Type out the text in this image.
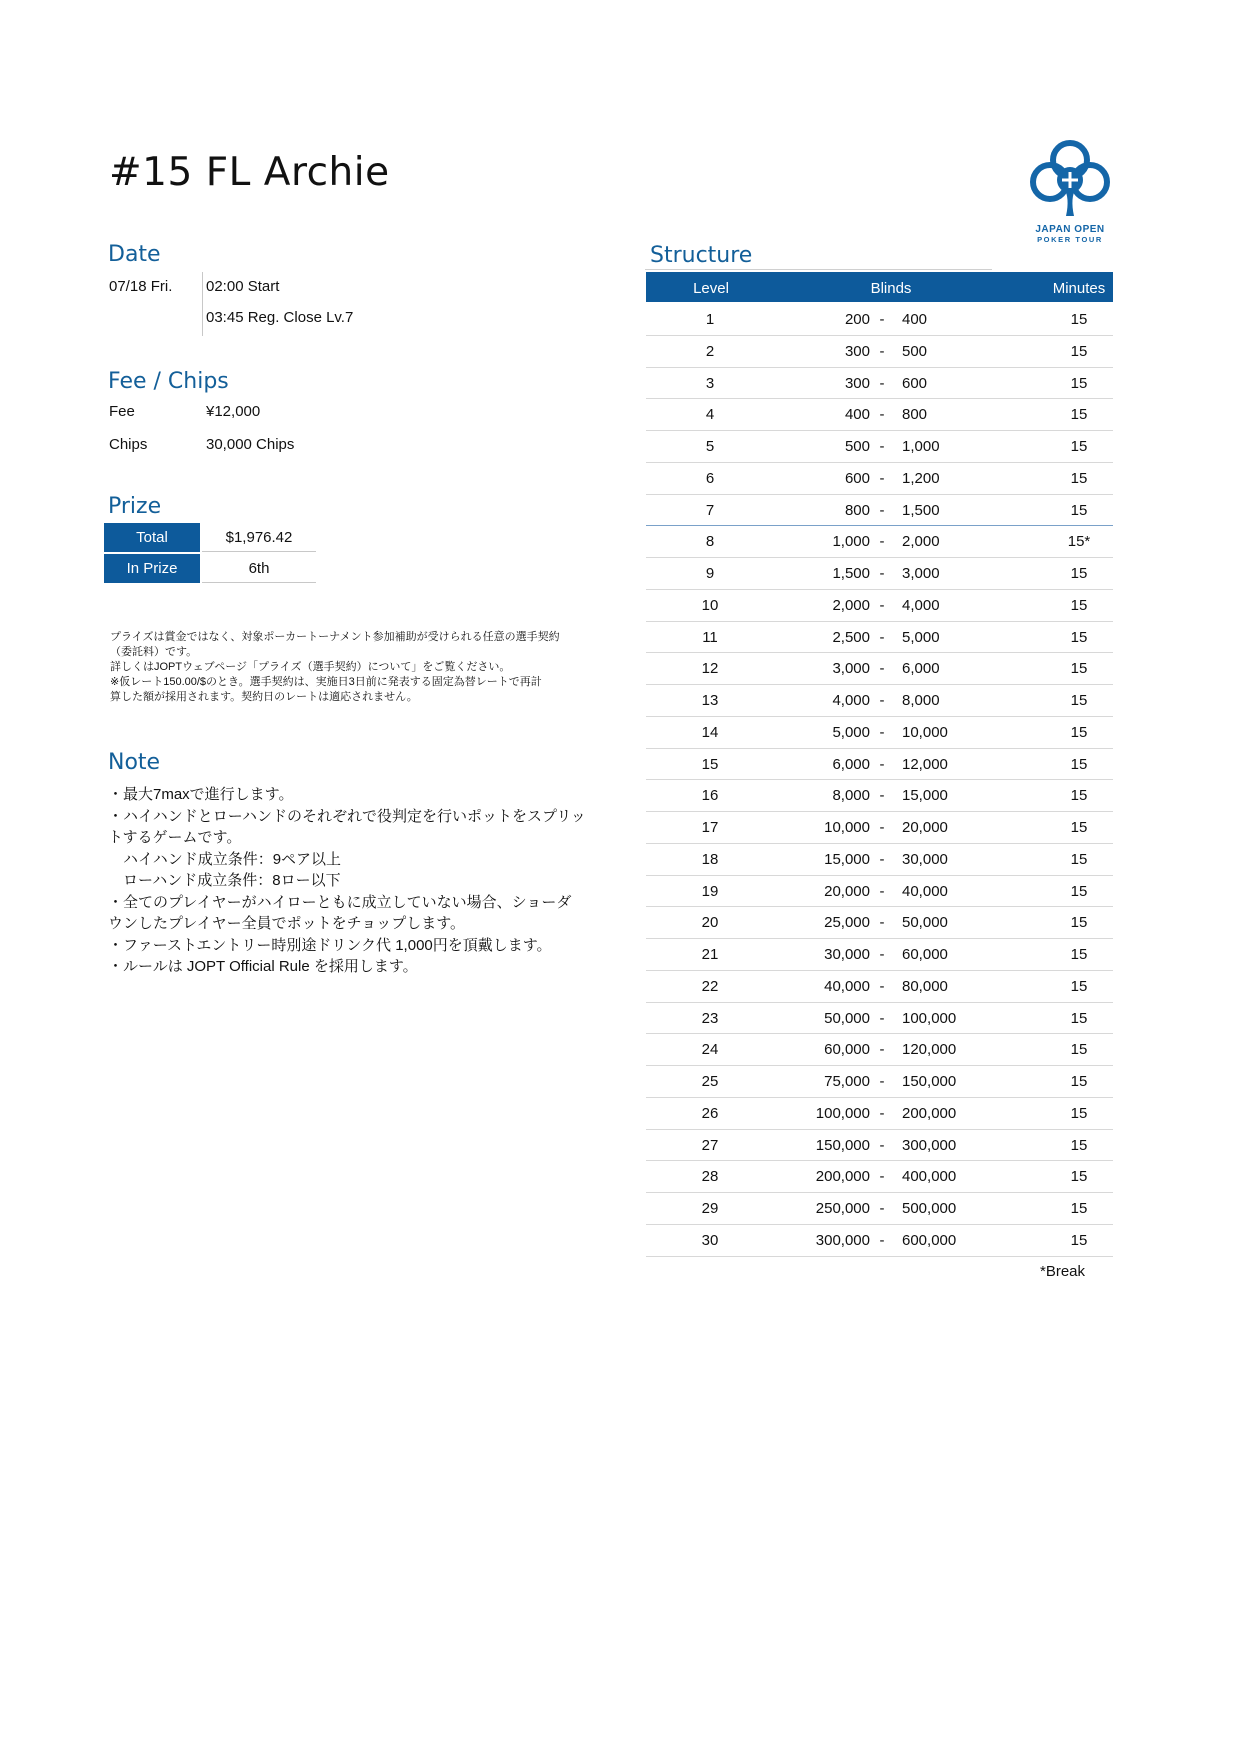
#15 FL Archie
JAPAN OPEN
POKER TOUR
Date
07/18 Fri. 02:00 Start
03:45 Reg. Close Lv.7
Fee / Chips
Fee	¥12,000
Chips	30,000 Chips
Prize
Total	$1,976.42
In Prize	6th
プライズは賞金ではなく、対象ポーカートーナメント参加補助が受けられる任意の選手契約
（委託料）です。
詳しくはJOPTウェブページ「プライズ（選手契約）について」をご覧ください。
※仮レート150.00/$のとき。選手契約は、実施日3日前に発表する固定為替レートで再計
算した額が採用されます。契約日のレートは適応されません。
Note
・最大7maxで進行します。
・ハイハンドとローハンドのそれぞれで役判定を行いポットをスプリッ
トするゲームです。
　ハイハンド成立条件：9ペア以上
　ローハンド成立条件：8ロー以下
・全てのプレイヤーがハイローともに成立していない場合、ショーダ
ウンしたプレイヤー全員でポットをチョップします。
・ファーストエントリー時別途ドリンク代 1,000円を頂戴します。
・ルールは JOPT Official Rule を採用します。
Structure
Level	Blinds	Minutes
1	200 -	400	15
2	300 -	500	15
3	300 -	600	15
4	400 -	800	15
5	500 -	1,000	15
6	600 -	1,200	15
7	800 -	1,500	15
8	1,000 -	2,000	15*
9	1,500 -	3,000	15
10	2,000 -	4,000	15
11	2,500 -	5,000	15
12	3,000 -	6,000	15
13	4,000 -	8,000	15
14	5,000 -	10,000	15
15	6,000 -	12,000	15
16	8,000 -	15,000	15
17	10,000 -	20,000	15
18	15,000 -	30,000	15
19	20,000 -	40,000	15
20	25,000 -	50,000	15
21	30,000 -	60,000	15
22	40,000 -	80,000	15
23	50,000 -	100,000	15
24	60,000 -	120,000	15
25	75,000 -	150,000	15
26	100,000 -	200,000	15
27	150,000 -	300,000	15
28	200,000 -	400,000	15
29	250,000 -	500,000	15
30	300,000 -	600,000	15
*Break
